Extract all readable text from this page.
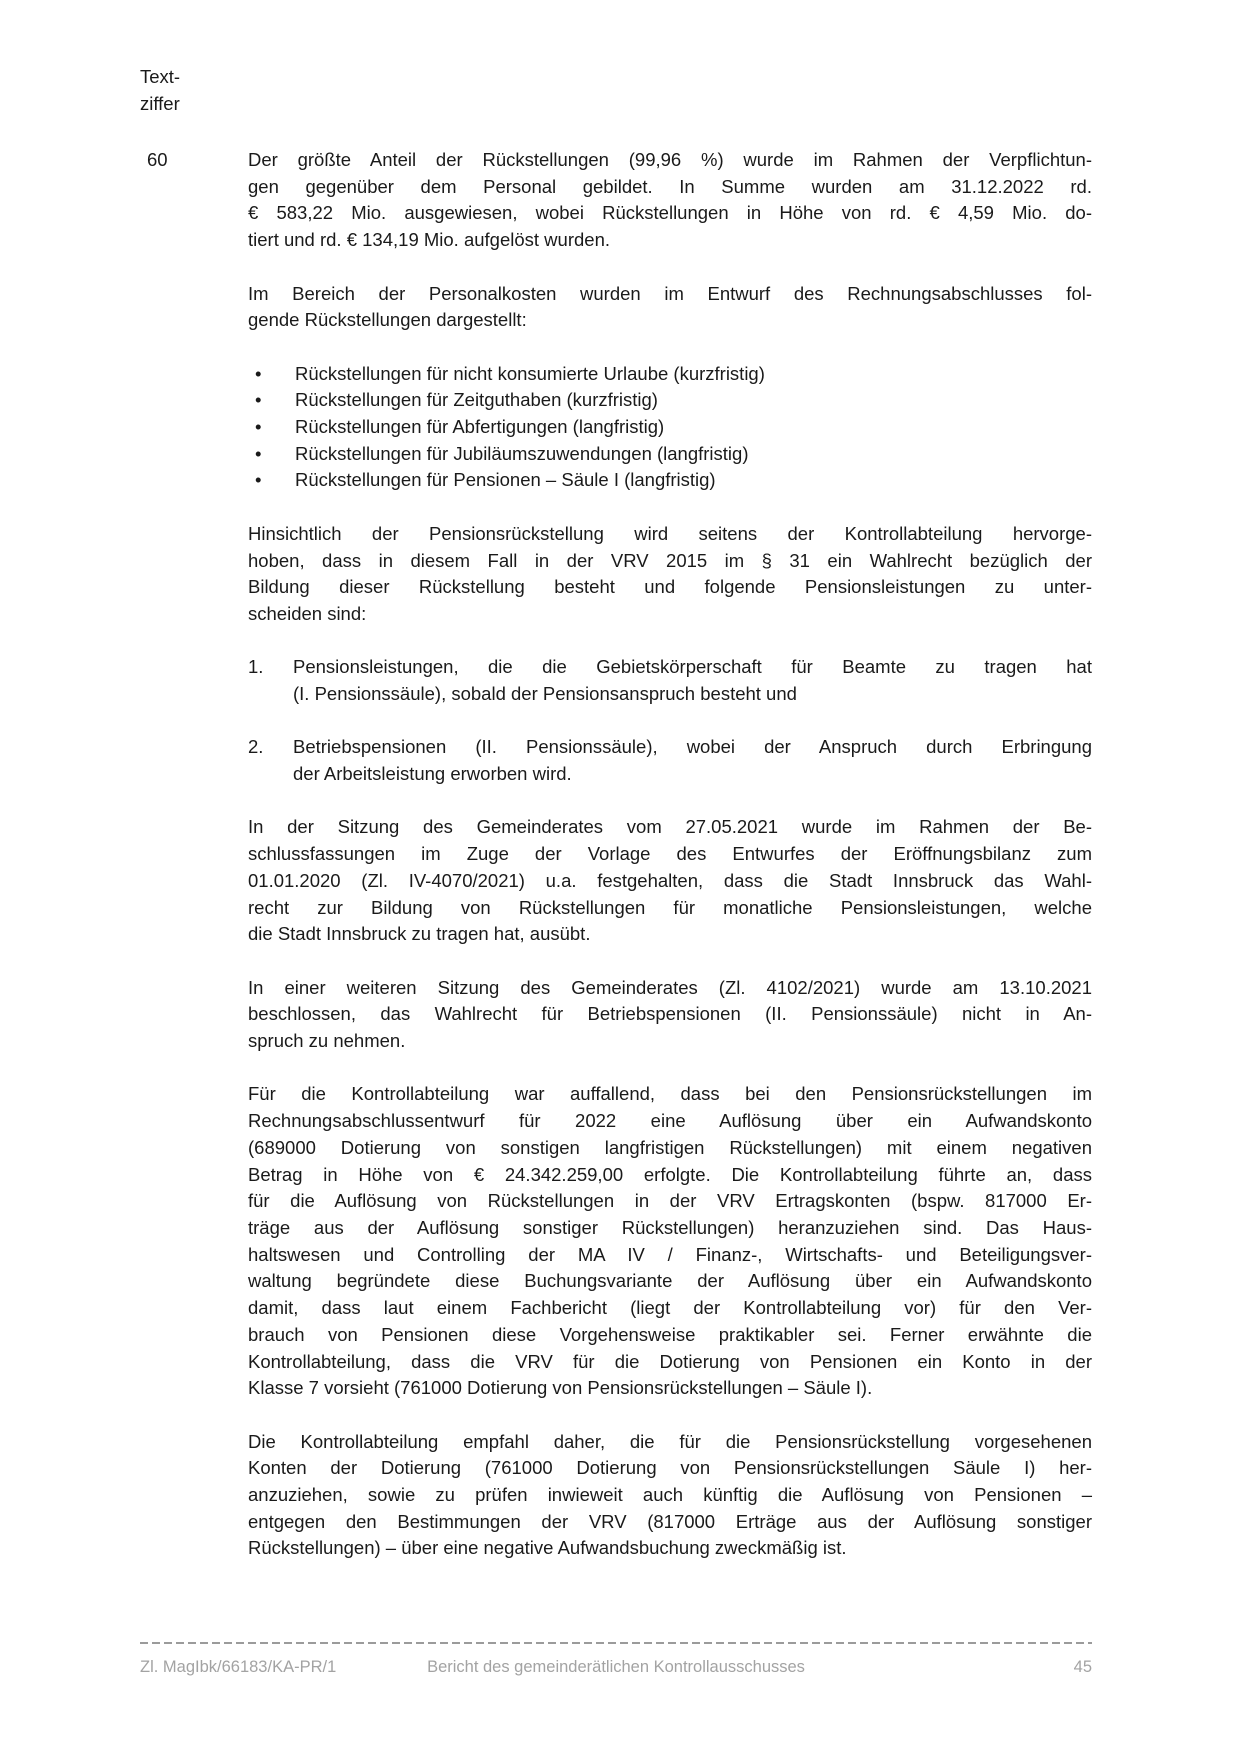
Text-
ziffer
60	Der größte Anteil der Rückstellungen (99,96 %) wurde im Rahmen der Verpflichtun-
gen gegenüber dem Personal gebildet. In Summe wurden am 31.12.2022 rd.
€ 583,22 Mio. ausgewiesen, wobei Rückstellungen in Höhe von rd. € 4,59 Mio. do-
tiert und rd. € 134,19 Mio. aufgelöst wurden.
Im Bereich der Personalkosten wurden im Entwurf des Rechnungsabschlusses fol-
gende Rückstellungen dargestellt:
• Rückstellungen für nicht konsumierte Urlaube (kurzfristig)
• Rückstellungen für Zeitguthaben (kurzfristig)
• Rückstellungen für Abfertigungen (langfristig)
• Rückstellungen für Jubiläumszuwendungen (langfristig)
• Rückstellungen für Pensionen – Säule I (langfristig)
Hinsichtlich der Pensionsrückstellung wird seitens der Kontrollabteilung hervorge-
hoben, dass in diesem Fall in der VRV 2015 im § 31 ein Wahlrecht bezüglich der
Bildung dieser Rückstellung besteht und folgende Pensionsleistungen zu unter-
scheiden sind:
1. Pensionsleistungen, die die Gebietskörperschaft für Beamte zu tragen hat
(I. Pensionssäule), sobald der Pensionsanspruch besteht und
2. Betriebspensionen (II. Pensionssäule), wobei der Anspruch durch Erbringung
der Arbeitsleistung erworben wird.
In der Sitzung des Gemeinderates vom 27.05.2021 wurde im Rahmen der Be-
schlussfassungen im Zuge der Vorlage des Entwurfes der Eröffnungsbilanz zum
01.01.2020 (Zl. IV-4070/2021) u.a. festgehalten, dass die Stadt Innsbruck das Wahl-
recht zur Bildung von Rückstellungen für monatliche Pensionsleistungen, welche
die Stadt Innsbruck zu tragen hat, ausübt.
In einer weiteren Sitzung des Gemeinderates (Zl. 4102/2021) wurde am 13.10.2021
beschlossen, das Wahlrecht für Betriebspensionen (II. Pensionssäule) nicht in An-
spruch zu nehmen.
Für die Kontrollabteilung war auffallend, dass bei den Pensionsrückstellungen im
Rechnungsabschlussentwurf für 2022 eine Auflösung über ein Aufwandskonto
(689000 Dotierung von sonstigen langfristigen Rückstellungen) mit einem negativen
Betrag in Höhe von € 24.342.259,00 erfolgte. Die Kontrollabteilung führte an, dass
für die Auflösung von Rückstellungen in der VRV Ertragskonten (bspw. 817000 Er-
träge aus der Auflösung sonstiger Rückstellungen) heranzuziehen sind. Das Haus-
haltswesen und Controlling der MA IV / Finanz-, Wirtschafts- und Beteiligungsver-
waltung begründete diese Buchungsvariante der Auflösung über ein Aufwandskonto
damit, dass laut einem Fachbericht (liegt der Kontrollabteilung vor) für den Ver-
brauch von Pensionen diese Vorgehensweise praktikabler sei. Ferner erwähnte die
Kontrollabteilung, dass die VRV für die Dotierung von Pensionen ein Konto in der
Klasse 7 vorsieht (761000 Dotierung von Pensionsrückstellungen – Säule I).
Die Kontrollabteilung empfahl daher, die für die Pensionsrückstellung vorgesehenen
Konten der Dotierung (761000 Dotierung von Pensionsrückstellungen Säule I) her-
anzuziehen, sowie zu prüfen inwieweit auch künftig die Auflösung von Pensionen –
entgegen den Bestimmungen der VRV (817000 Erträge aus der Auflösung sonstiger
Rückstellungen) – über eine negative Aufwandsbuchung zweckmäßig ist.
Zl. MagIbk/66183/KA-PR/1	Bericht des gemeinderätlichen Kontrollausschusses	45
